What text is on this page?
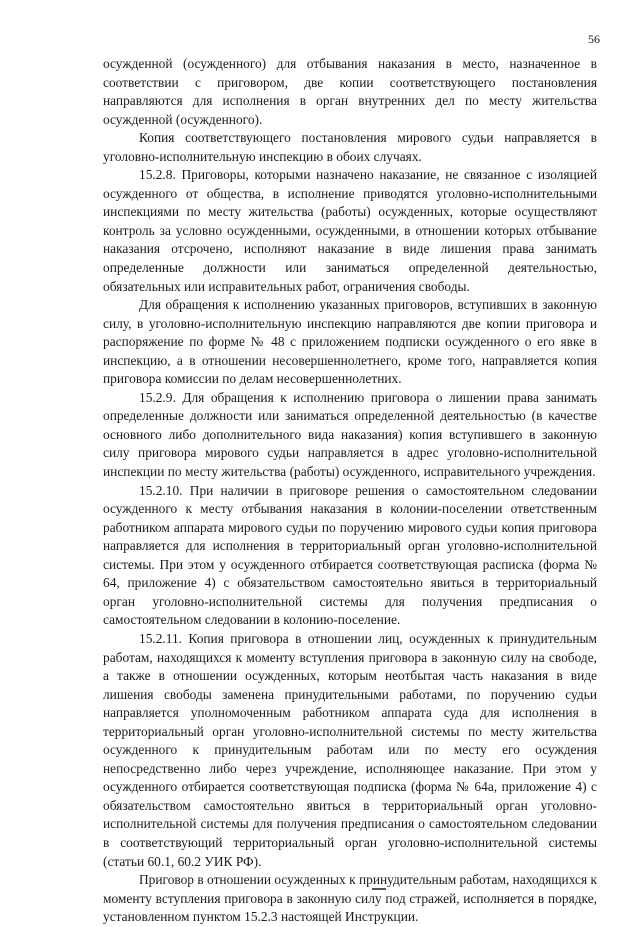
56

осужденной (осужденного) для отбывания наказания в место, назначенное в соответствии с приговором, две копии соответствующего постановления направляются для исполнения в орган внутренних дел по месту жительства осужденной (осужденного).

Копия соответствующего постановления мирового судьи направляется в уголовно-исполнительную инспекцию в обоих случаях.

15.2.8. Приговоры, которыми назначено наказание, не связанное с изоляцией осужденного от общества, в исполнение приводятся уголовно-исполнительными инспекциями по месту жительства (работы) осужденных, которые осуществляют контроль за условно осужденными, осужденными, в отношении которых отбывание наказания отсрочено, исполняют наказание в виде лишения права занимать определенные должности или заниматься определенной деятельностью, обязательных или исправительных работ, ограничения свободы.

Для обращения к исполнению указанных приговоров, вступивших в законную силу, в уголовно-исполнительную инспекцию направляются две копии приговора и распоряжение по форме № 48 с приложением подписки осужденного о его явке в инспекцию, а в отношении несовершеннолетнего, кроме того, направляется копия приговора комиссии по делам несовершеннолетних.

15.2.9. Для обращения к исполнению приговора о лишении права занимать определенные должности или заниматься определенной деятельностью (в качестве основного либо дополнительного вида наказания) копия вступившего в законную силу приговора мирового судьи направляется в адрес уголовно-исполнительной инспекции по месту жительства (работы) осужденного, исправительного учреждения.

15.2.10. При наличии в приговоре решения о самостоятельном следовании осужденного к месту отбывания наказания в колонии-поселении ответственным работником аппарата мирового судьи по поручению мирового судьи копия приговора направляется для исполнения в территориальный орган уголовно-исполнительной системы. При этом у осужденного отбирается соответствующая расписка (форма № 64, приложение 4) с обязательством самостоятельно явиться в территориальный орган уголовно-исполнительной системы для получения предписания о самостоятельном следовании в колонию-поселение.

15.2.11. Копия приговора в отношении лиц, осужденных к принудительным работам, находящихся к моменту вступления приговора в законную силу на свободе, а также в отношении осужденных, которым неотбытая часть наказания в виде лишения свободы заменена принудительными работами, по поручению судьи направляется уполномоченным работником аппарата суда для исполнения в территориальный орган уголовно-исполнительной системы по месту жительства осужденного к принудительным работам или по месту его осуждения непосредственно либо через учреждение, исполняющее наказание. При этом у осужденного отбирается соответствующая подписка (форма № 64а, приложение 4) с обязательством самостоятельно явиться в территориальный орган уголовно-исполнительной системы для получения предписания о самостоятельном следовании в соответствующий территориальный орган уголовно-исполнительной системы (статьи 60.1, 60.2 УИК РФ).

Приговор в отношении осужденных к принудительным работам, находящихся к моменту вступления приговора в законную силу под стражей, исполняется в порядке, установленном пунктом 15.2.3 настоящей Инструкции.
